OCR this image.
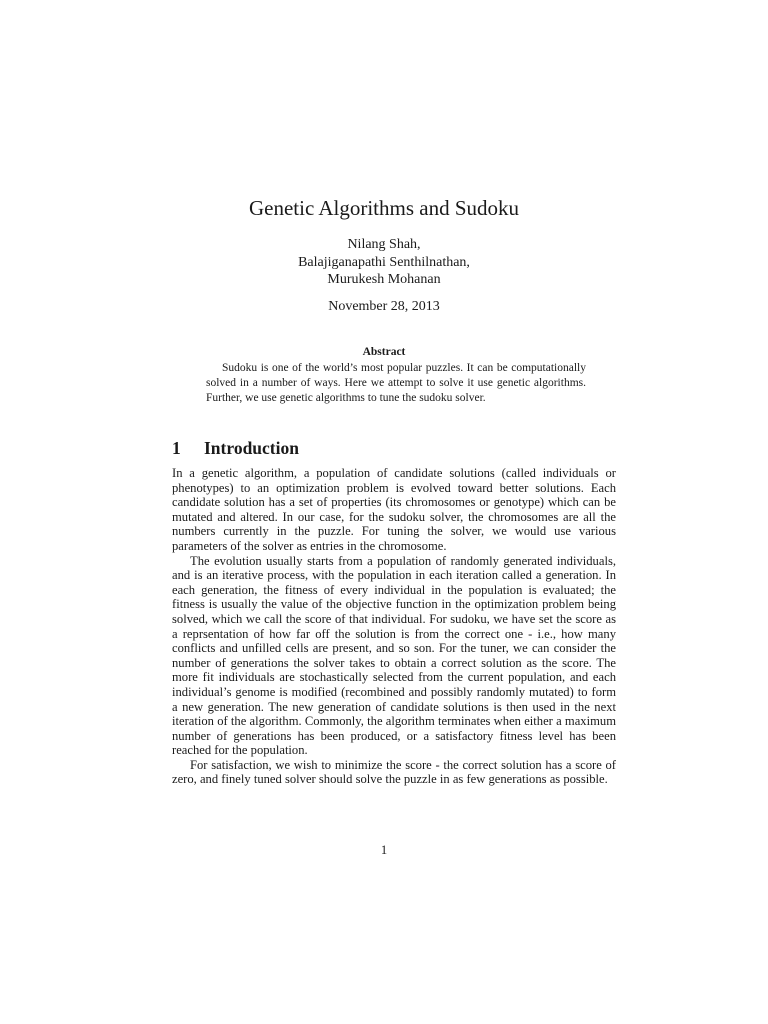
Genetic Algorithms and Sudoku
Nilang Shah,
Balajiganapathi Senthilnathan,
Murukesh Mohanan
November 28, 2013
Abstract
Sudoku is one of the world’s most popular puzzles. It can be computationally solved in a number of ways. Here we attempt to solve it use genetic algorithms. Further, we use genetic algorithms to tune the sudoku solver.
1 Introduction

In a genetic algorithm, a population of candidate solutions (called individuals or phenotypes) to an optimization problem is evolved toward better solutions. Each candidate solution has a set of properties (its chromosomes or genotype) which can be mutated and altered. In our case, for the sudoku solver, the chromosomes are all the numbers currently in the puzzle. For tuning the solver, we would use various parameters of the solver as entries in the chromosome.

The evolution usually starts from a population of randomly generated individuals, and is an iterative process, with the population in each iteration called a generation. In each generation, the fitness of every individual in the population is evaluated; the fitness is usually the value of the objective function in the optimization problem being solved, which we call the score of that individual. For sudoku, we have set the score as a reprsentation of how far off the solution is from the correct one - i.e., how many conflicts and unfilled cells are present, and so son. For the tuner, we can consider the number of generations the solver takes to obtain a correct solution as the score. The more fit individuals are stochastically selected from the current population, and each individual’s genome is modified (recombined and possibly randomly mutated) to form a new generation. The new generation of candidate solutions is then used in the next iteration of the algorithm. Commonly, the algorithm terminates when either a maximum number of generations has been produced, or a satisfactory fitness level has been reached for the population.

For satisfaction, we wish to minimize the score - the correct solution has a score of zero, and finely tuned solver should solve the puzzle in as few generations as possible.

1
